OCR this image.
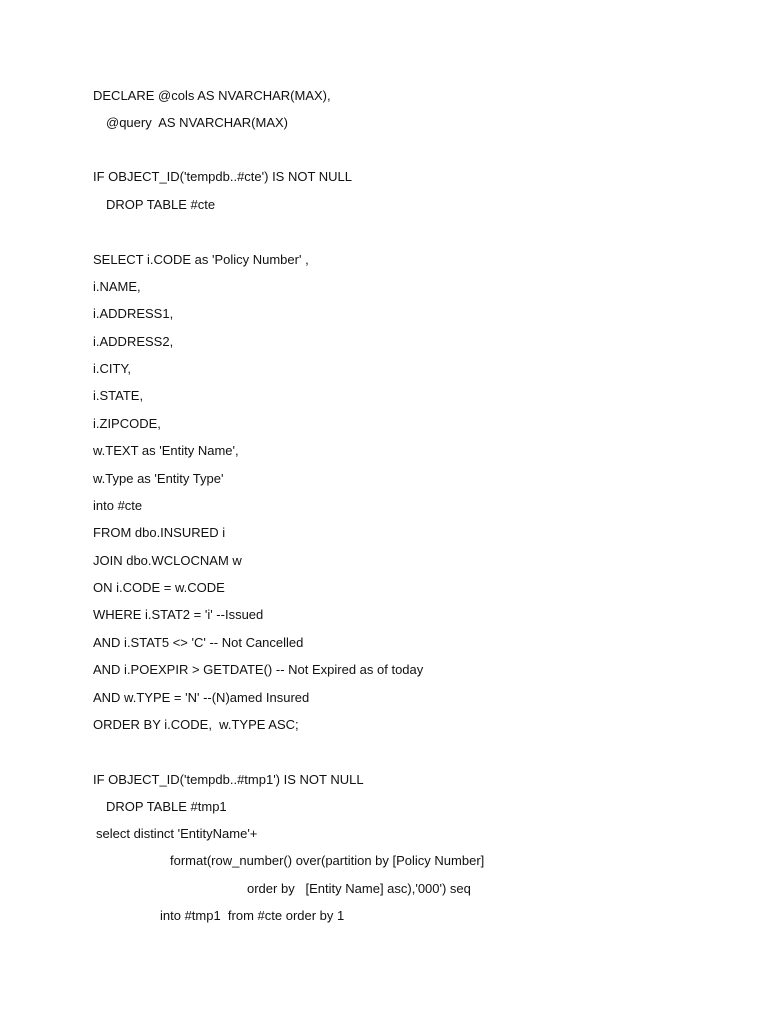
DECLARE @cols AS NVARCHAR(MAX),
@query  AS NVARCHAR(MAX)
IF OBJECT_ID('tempdb..#cte') IS NOT NULL
DROP TABLE #cte
SELECT i.CODE as 'Policy Number' ,
i.NAME,
i.ADDRESS1,
i.ADDRESS2,
i.CITY,
i.STATE,
i.ZIPCODE,
w.TEXT as 'Entity Name',
w.Type as 'Entity Type'
into #cte
FROM dbo.INSURED i
JOIN dbo.WCLOCNAM w
ON i.CODE = w.CODE
WHERE i.STAT2 = 'i' --Issued
AND i.STAT5 <> 'C' -- Not Cancelled
AND i.POEXPIR > GETDATE() -- Not Expired as of today
AND w.TYPE = 'N' --(N)amed Insured
ORDER BY i.CODE,  w.TYPE ASC;
IF OBJECT_ID('tempdb..#tmp1') IS NOT NULL
DROP TABLE #tmp1
select distinct 'EntityName'+
format(row_number() over(partition by [Policy Number]
order by   [Entity Name] asc),'000') seq
into #tmp1  from #cte order by 1
